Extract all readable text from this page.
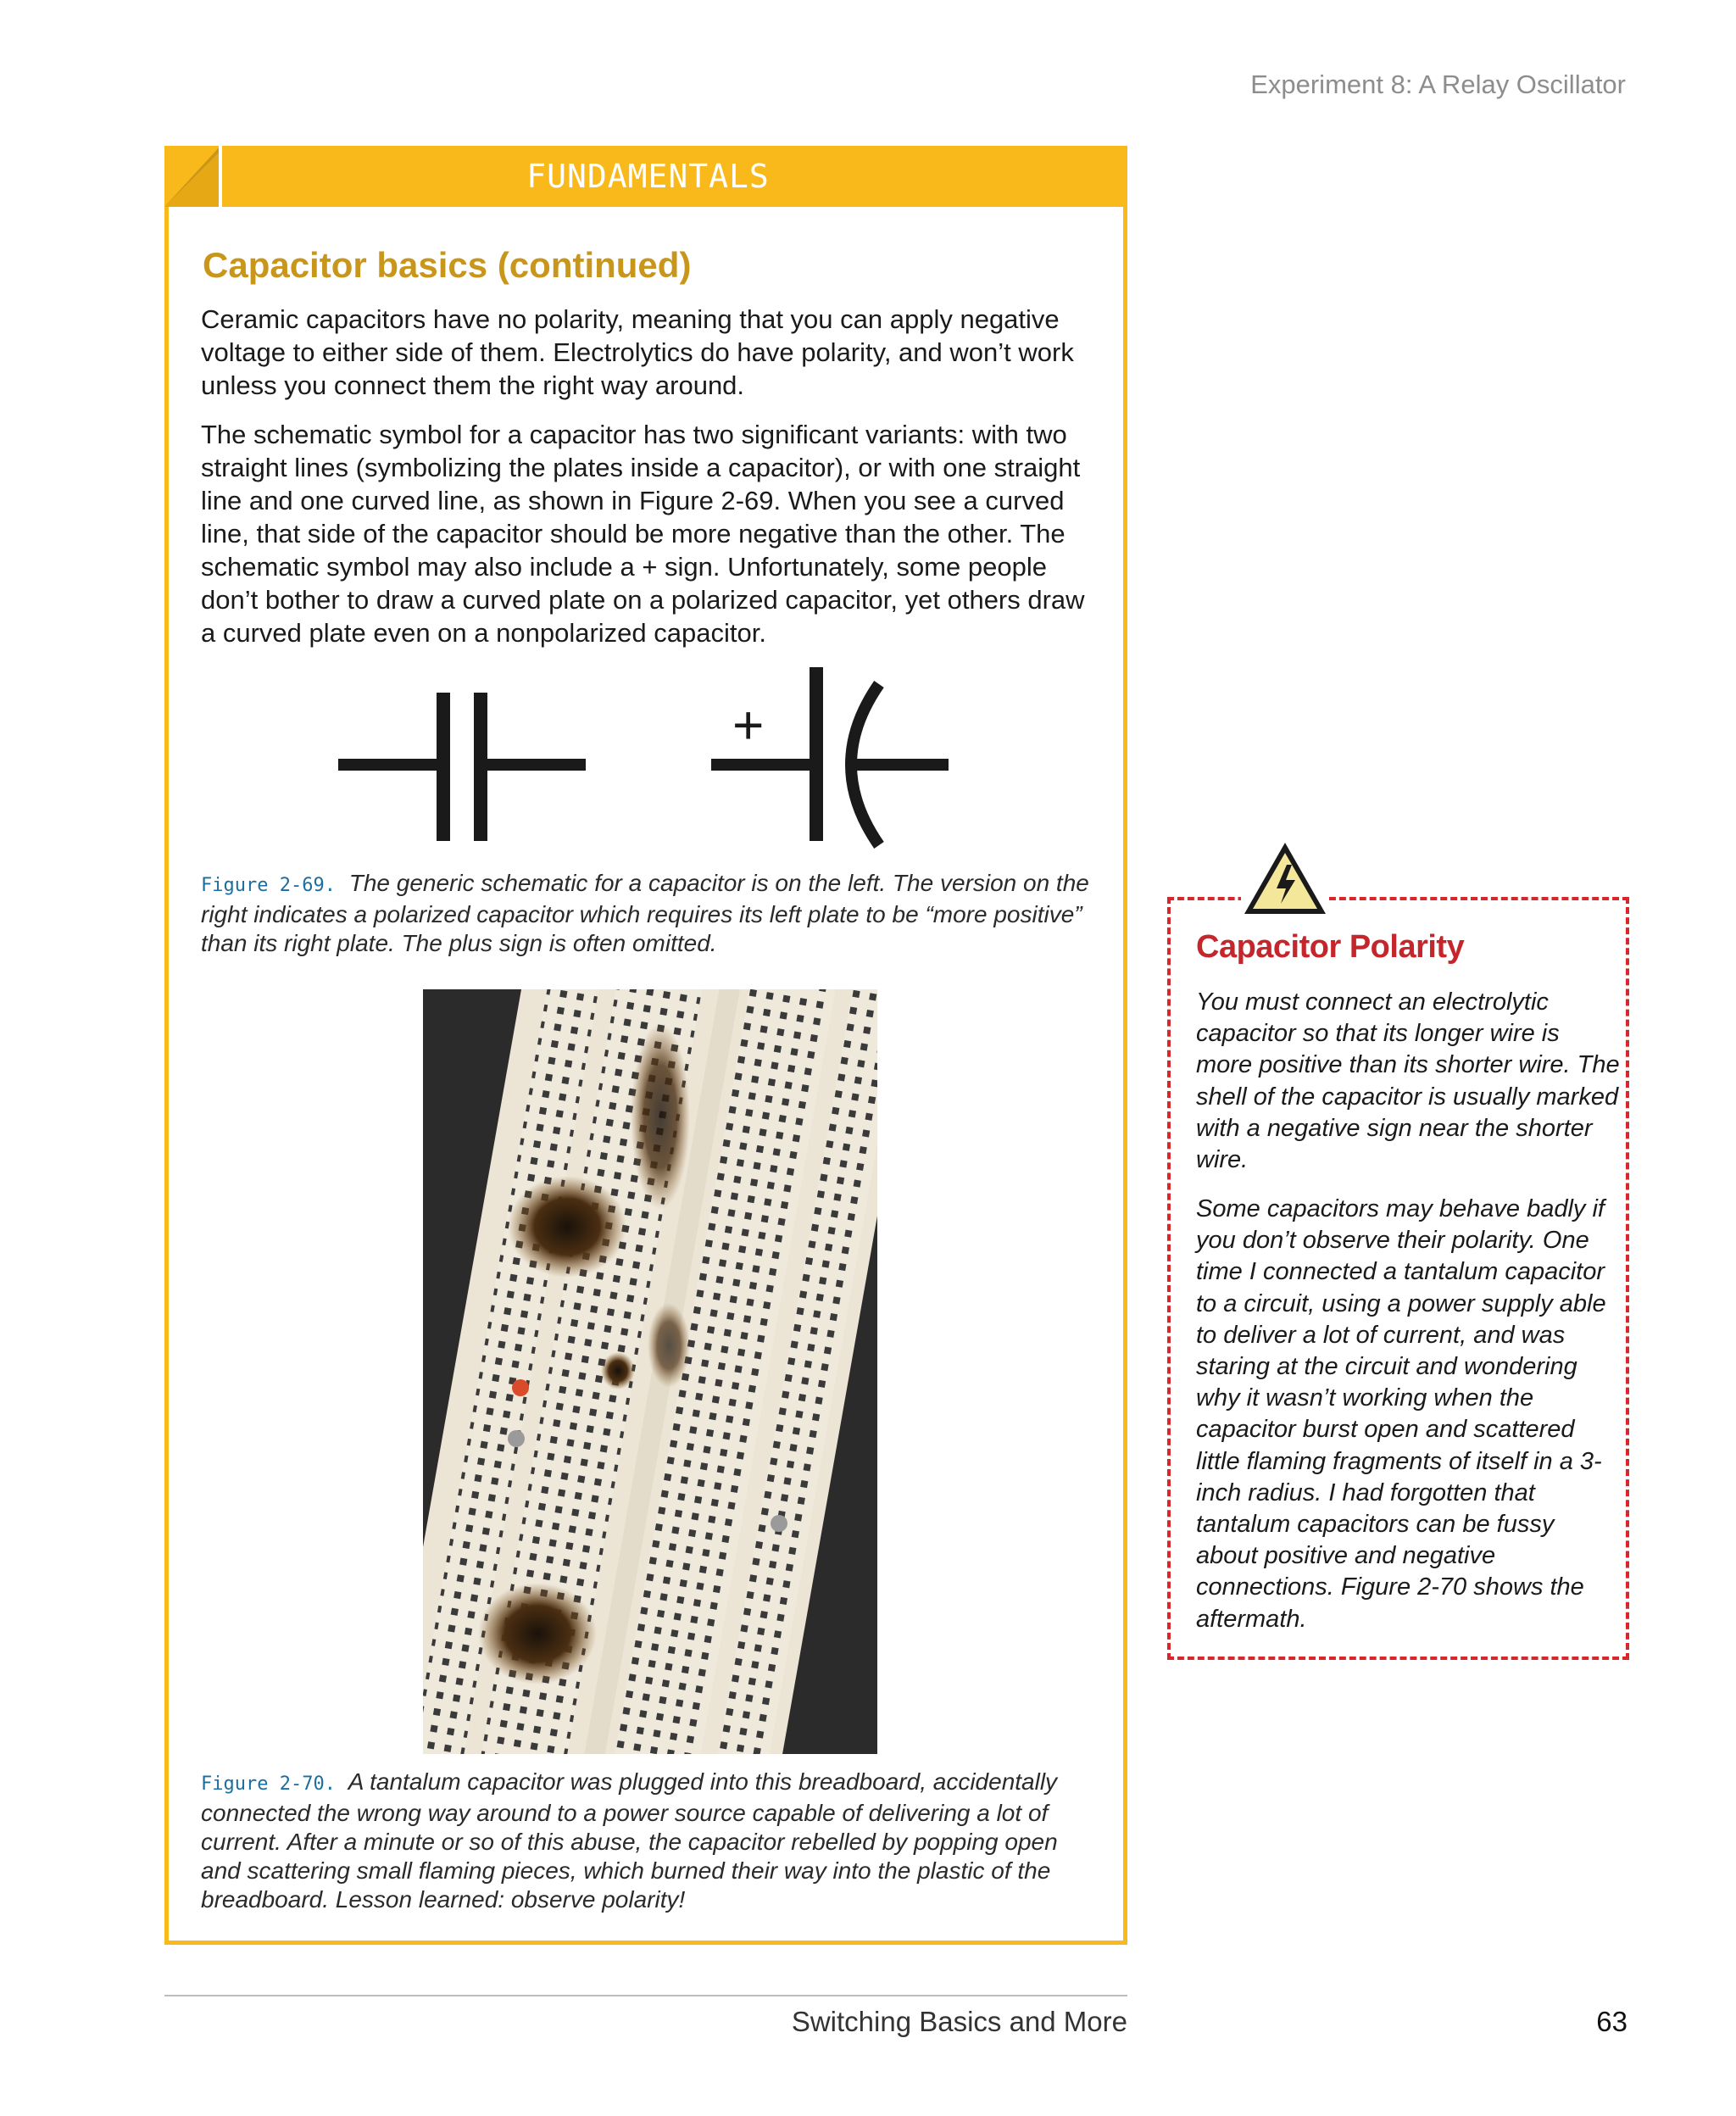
Experiment 8: A Relay Oscillator
FUNDAMENTALS
Capacitor basics (continued)
Ceramic capacitors have no polarity, meaning that you can apply negative voltage to either side of them. Electrolytics do have polarity, and won’t work unless you connect them the right way around.
The schematic symbol for a capacitor has two significant variants: with two straight lines (symbolizing the plates inside a capacitor), or with one straight line and one curved line, as shown in Figure 2-69. When you see a curved line, that side of the capacitor should be more negative than the other. The schematic symbol may also include a + sign. Unfortunately, some people don’t bother to draw a curved plate on a polarized capacitor, yet others draw a curved plate even on a nonpolarized capacitor.
+
Figure 2-69. The generic schematic for a capacitor is on the left. The version on the right indicates a polarized capacitor which requires its left plate to be “more positive” than its right plate. The plus sign is often omitted.
Figure 2-70. A tantalum capacitor was plugged into this breadboard, accidentally connected the wrong way around to a power source capable of delivering a lot of current. After a minute or so of this abuse, the capacitor rebelled by popping open and scattering small flaming pieces, which burned their way into the plastic of the breadboard. Lesson learned: observe polarity!
Capacitor Polarity
You must connect an electrolytic capacitor so that its longer wire is more positive than its shorter wire. The shell of the capacitor is usually marked with a negative sign near the shorter wire.
Some capacitors may behave badly if you don’t observe their polarity. One time I connected a tantalum capacitor to a circuit, using a power supply able to deliver a lot of current, and was staring at the circuit and wondering why it wasn’t working when the capacitor burst open and scattered little flaming fragments of itself in a 3-inch radius. I had forgotten that tantalum capacitors can be fussy about positive and negative connections. Figure 2-70 shows the aftermath.
Switching Basics and More	63
